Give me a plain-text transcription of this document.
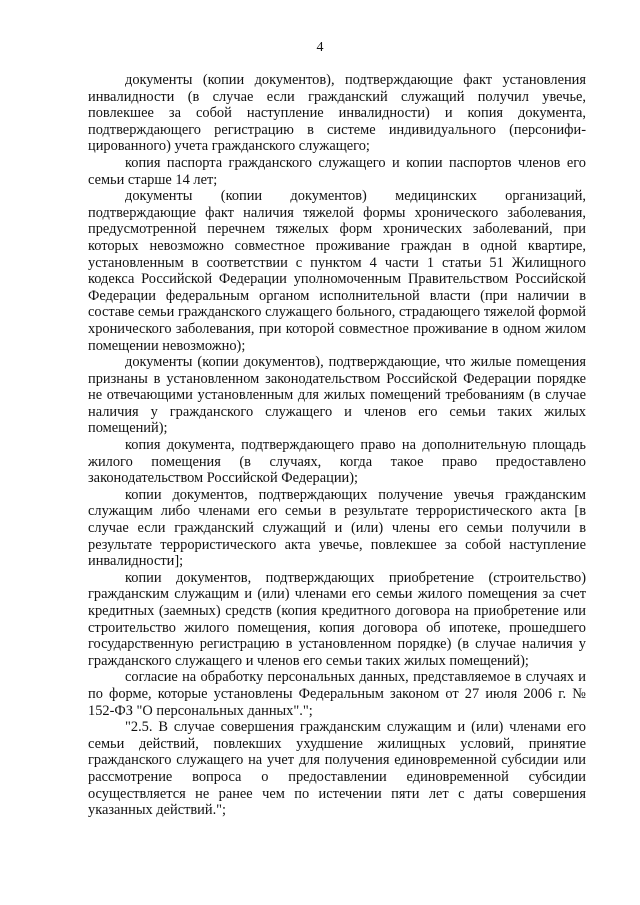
4

документы (копии документов), подтверждающие факт установления инвалидности (в случае если гражданский служащий получил увечье, повлекшее за собой наступление инвалидности) и копия документа, подтверждающего регистрацию в системе индивидуального (персонифицированного) учета гражданского служащего;

копия паспорта гражданского служащего и копии паспортов членов его семьи старше 14 лет;

документы (копии документов) медицинских организаций, подтверждающие факт наличия тяжелой формы хронического заболевания, предусмотренной перечнем тяжелых форм хронических заболеваний, при которых невозможно совместное проживание граждан в одной квартире, установленным в соответствии с пунктом 4 части 1 статьи 51 Жилищного кодекса Российской Федерации уполномоченным Правительством Российской Федерации федеральным органом исполнительной власти (при наличии в составе семьи гражданского служащего больного, страдающего тяжелой формой хронического заболевания, при которой совместное проживание в одном жилом помещении невозможно);

документы (копии документов), подтверждающие, что жилые помещения признаны в установленном законодательством Российской Федерации порядке не отвечающими установленным для жилых помещений требованиям (в случае наличия у гражданского служащего и членов его семьи таких жилых помещений);

копия документа, подтверждающего право на дополнительную площадь жилого помещения (в случаях, когда такое право предоставлено законодательством Российской Федерации);

копии документов, подтверждающих получение увечья гражданским служащим либо членами его семьи в результате террористического акта [в случае если гражданский служащий и (или) члены его семьи получили в результате террористического акта увечье, повлекшее за собой наступление инвалидности];

копии документов, подтверждающих приобретение (строительство) гражданским служащим и (или) членами его семьи жилого помещения за счет кредитных (заемных) средств (копия кредитного договора на приобретение или строительство жилого помещения, копия договора об ипотеке, прошедшего государственную регистрацию в установленном порядке) (в случае наличия у гражданского служащего и членов его семьи таких жилых помещений);

согласие на обработку персональных данных, представляемое в случаях и по форме, которые установлены Федеральным законом от 27 июля 2006 г. № 152-ФЗ "О персональных данных".";

"2.5. В случае совершения гражданским служащим и (или) членами его семьи действий, повлекших ухудшение жилищных условий, принятие гражданского служащего на учет для получения единовременной субсидии или рассмотрение вопроса о предоставлении единовременной субсидии осуществляется не ранее чем по истечении пяти лет с даты совершения указанных действий.";
